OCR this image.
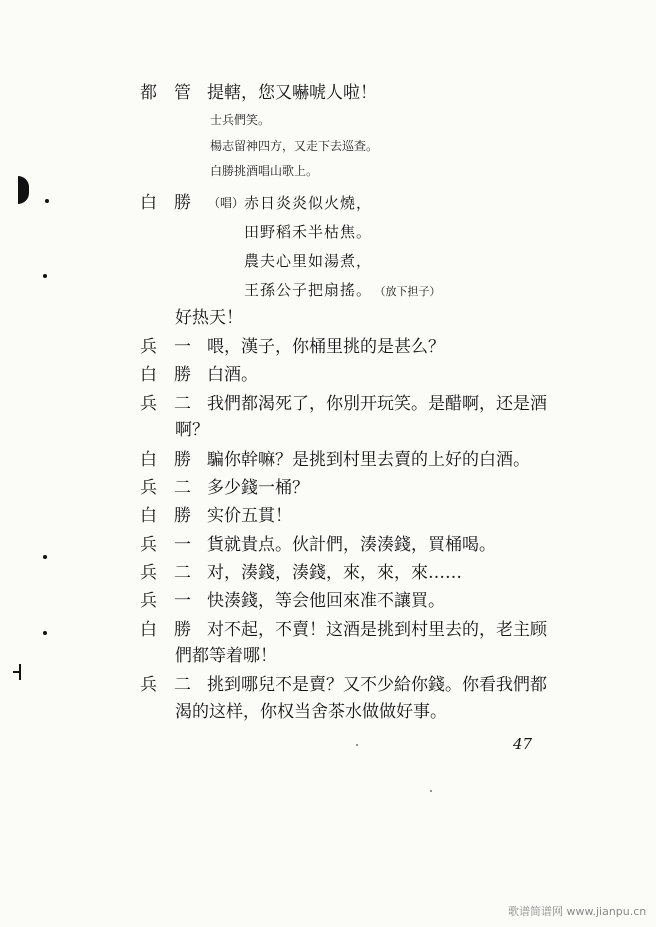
都　管 提轄，您又嚇唬人啦！
士兵們笑。
楊志留神四方，又走下去巡查。
白勝挑酒唱山歌上。
白　勝	（唱） 赤日炎炎似火燒，
田野稻禾半枯焦。
農夫心里如湯煮，
王孫公子把扇搖。 （放下担子）
好热天！
兵　一 喂，漢子，你桶里挑的是甚么？
白　勝 白酒。
兵　二 我們都渴死了，你別开玩笑。是醋啊，还是酒
啊？
白　勝 騙你幹嘛？是挑到村里去賣的上好的白酒。
兵　二 多少錢一桶？
白　勝 实价五貫！
兵　一 貨就貴点。伙計們，湊湊錢，買桶喝。
兵　二 对，湊錢，湊錢，來，來，來……
兵　一 快湊錢，等会他回來准不讓買。
白　勝 对不起，不賣！这酒是挑到村里去的，老主顾
們都等着哪！
兵　二 挑到哪兒不是賣？又不少給你錢。你看我們都
渴的这样，你权当舍茶水做做好事。
47
歌谱简谱网 www.jianpu.cn
